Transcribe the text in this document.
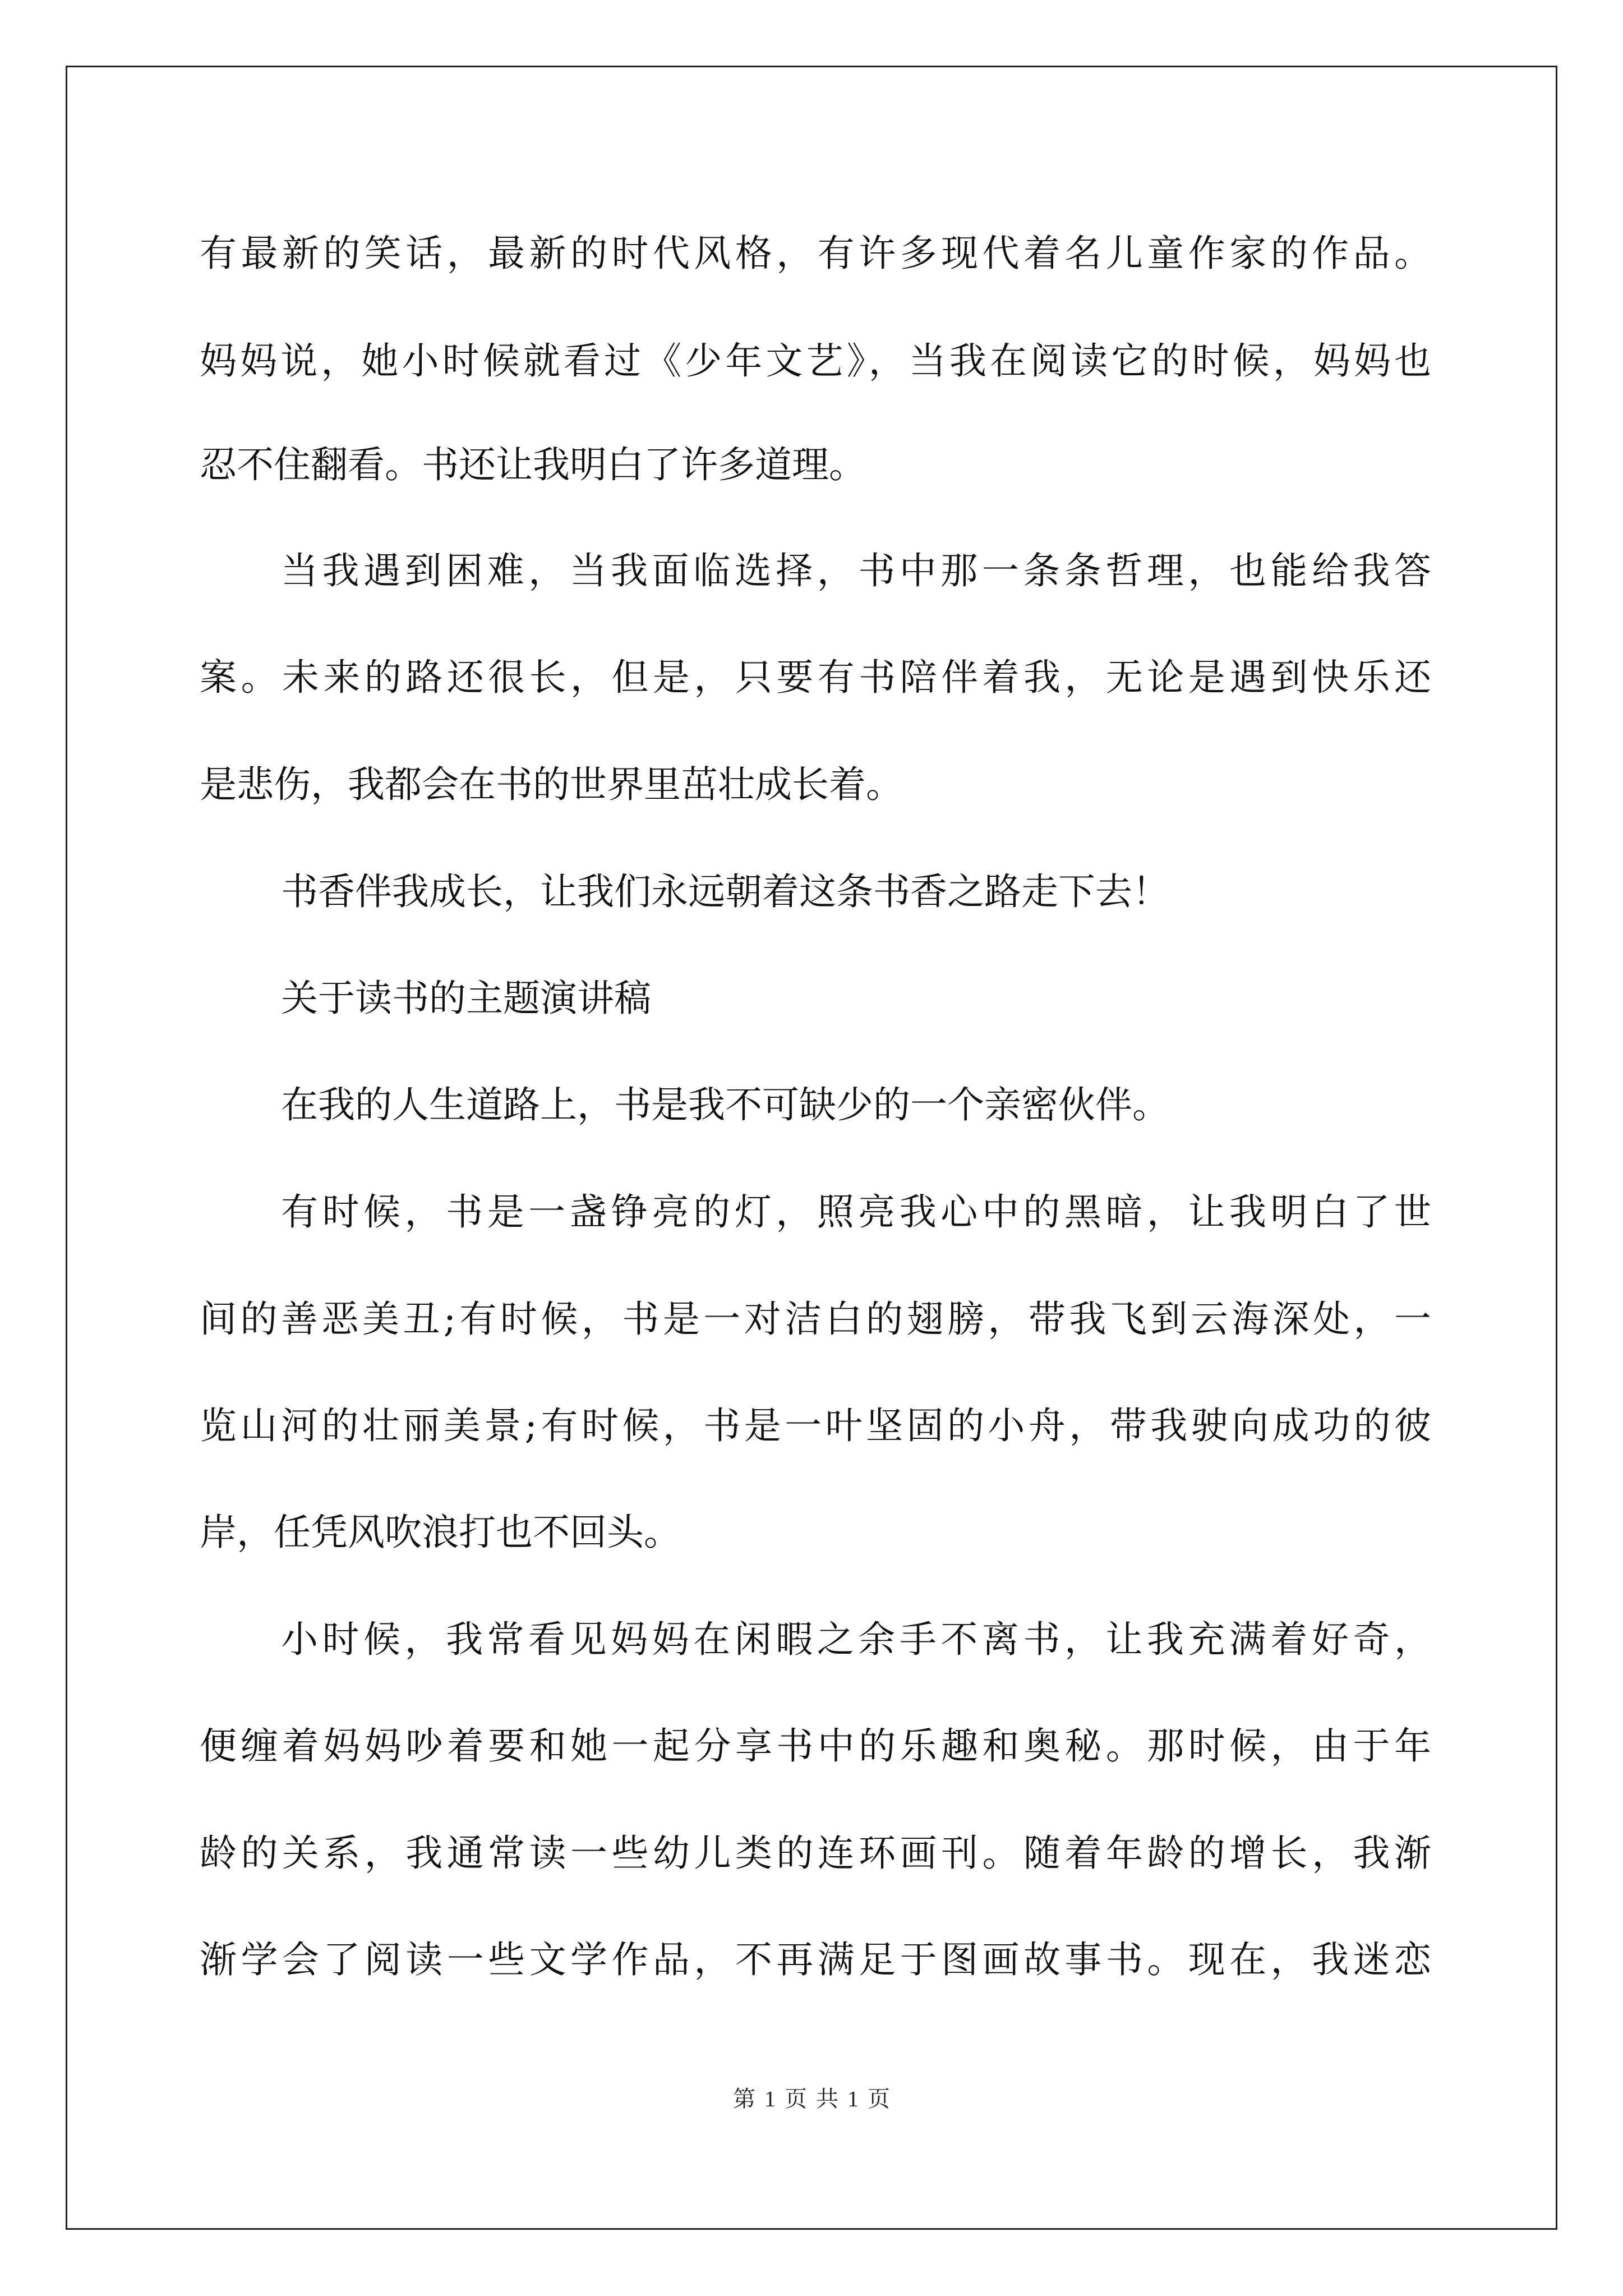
有最新的笑话，最新的时代风格，有许多现代着名儿童作家的作品。
妈妈说，她小时候就看过《少年文艺》，当我在阅读它的时候，妈妈也
忍不住翻看。书还让我明白了许多道理。
当我遇到困难，当我面临选择，书中那一条条哲理，也能给我答
案。未来的路还很长，但是，只要有书陪伴着我，无论是遇到快乐还
是悲伤，我都会在书的世界里茁壮成长着。
书香伴我成长，让我们永远朝着这条书香之路走下去！
关于读书的主题演讲稿
在我的人生道路上，书是我不可缺少的一个亲密伙伴。
有时候，书是一盏铮亮的灯，照亮我心中的黑暗，让我明白了世
间的善恶美丑;有时候，书是一对洁白的翅膀，带我飞到云海深处，一
览山河的壮丽美景;有时候，书是一叶坚固的小舟，带我驶向成功的彼
岸，任凭风吹浪打也不回头。
小时候，我常看见妈妈在闲暇之余手不离书，让我充满着好奇，
便缠着妈妈吵着要和她一起分享书中的乐趣和奥秘。那时候，由于年
龄的关系，我通常读一些幼儿类的连环画刊。随着年龄的增长，我渐
渐学会了阅读一些文学作品，不再满足于图画故事书。现在，我迷恋
第 1 页 共 1 页
